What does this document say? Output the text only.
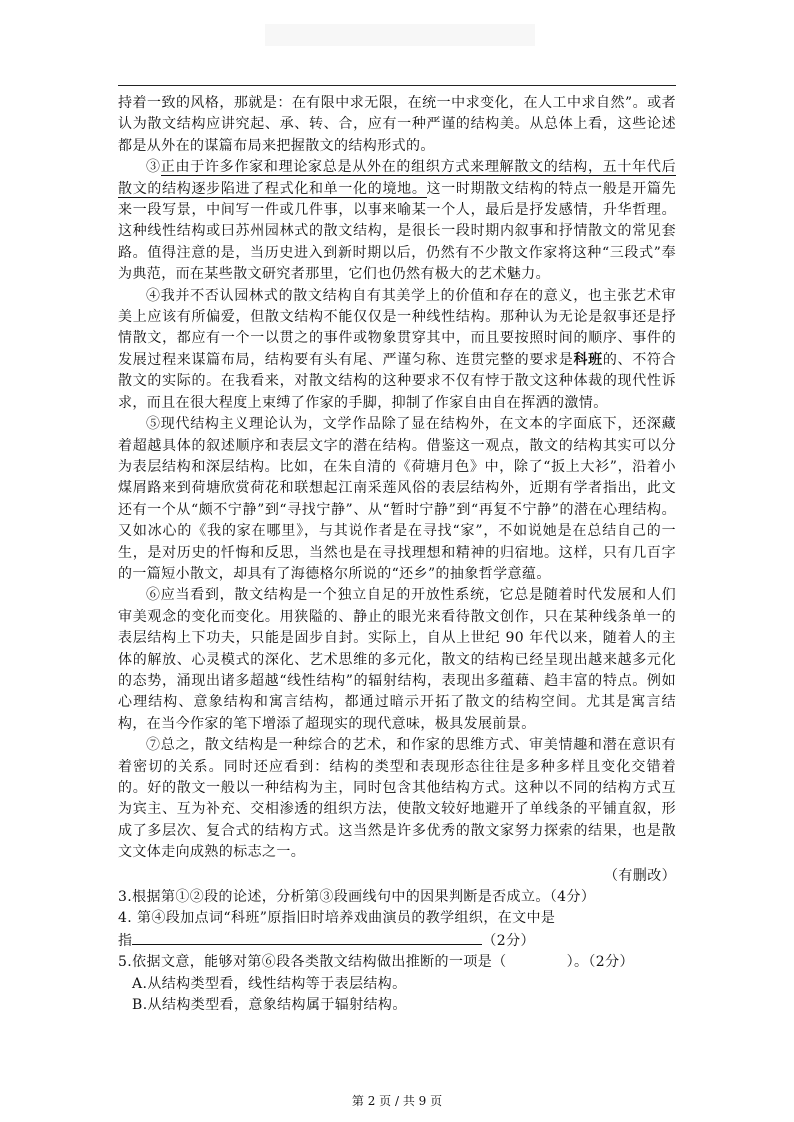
持着一致的风格，那就是：在有限中求无限，在统一中求变化，在人工中求自然”。或者认为散文结构应讲究起、承、转、合，应有一种严谨的结构美。从总体上看，这些论述都是从外在的谋篇布局来把握散文的结构形式的。

③正由于许多作家和理论家总是从外在的组织方式来理解散文的结构，五十年代后散文的结构逐步陷进了程式化和单一化的境地。这一时期散文结构的特点一般是开篇先来一段写景，中间写一件或几件事，以事来喻某一个人，最后是抒发感情，升华哲理。这种线性结构或曰苏州园林式的散文结构，是很长一段时期内叙事和抒情散文的常见套路。值得注意的是，当历史进入到新时期以后，仍然有不少散文作家将这种“三段式”奉为典范，而在某些散文研究者那里，它们也仍然有极大的艺术魅力。

④我并不否认园林式的散文结构自有其美学上的价值和存在的意义，也主张艺术审美上应该有所偏爱，但散文结构不能仅仅是一种线性结构。那种认为无论是叙事还是抒情散文，都应有一个一以贯之的事件或物象贯穿其中，而且要按照时间的顺序、事件的发展过程来谋篇布局，结构要有头有尾、严谨匀称、连贯完整的要求是科班的、不符合散文的实际的。在我看来，对散文结构的这种要求不仅有悖于散文这种体裁的现代性诉求，而且在很大程度上束缚了作家的手脚，抑制了作家自由自在挥洒的激情。

⑤现代结构主义理论认为，文学作品除了显在结构外，在文本的字面底下，还深藏着超越具体的叙述顺序和表层文字的潜在结构。借鉴这一观点，散文的结构其实可以分为表层结构和深层结构。比如，在朱自清的《荷塘月色》中，除了“扳上大衫”，沿着小煤屑路来到荷塘欣赏荷花和联想起江南采莲风俗的表层结构外，近期有学者指出，此文还有一个从“颇不宁静”到“寻找宁静”、从“暂时宁静”到“再复不宁静”的潜在心理结构。又如冰心的《我的家在哪里》，与其说作者是在寻找“家”，不如说她是在总结自己的一生，是对历史的忏悔和反思，当然也是在寻找理想和精神的归宿地。这样，只有几百字的一篇短小散文，却具有了海德格尔所说的“还乡”的抽象哲学意蕴。

⑥应当看到，散文结构是一个独立自足的开放性系统，它总是随着时代发展和人们审美观念的变化而变化。用狭隘的、静止的眼光来看待散文创作，只在某种线条单一的表层结构上下功夫，只能是固步自封。实际上，自从上世纪 90 年代以来，随着人的主体的解放、心灵模式的深化、艺术思维的多元化，散文的结构已经呈现出越来越多元化的态势，涌现出诸多超越“线性结构”的辐射结构，表现出多蕴藉、趋丰富的特点。例如心理结构、意象结构和寓言结构，都通过暗示开拓了散文的结构空间。尤其是寓言结构，在当今作家的笔下增添了超现实的现代意味，极具发展前景。

⑦总之，散文结构是一种综合的艺术，和作家的思维方式、审美情趣和潜在意识有着密切的关系。同时还应看到：结构的类型和表现形态往往是多种多样且变化交错着的。好的散文一般以一种结构为主，同时包含其他结构方式。这种以不同的结构方式互为宾主、互为补充、交相渗透的组织方法，使散文较好地避开了单线条的平铺直叙，形成了多层次、复合式的结构方式。这当然是许多优秀的散文家努力探索的结果，也是散文文体走向成熟的标志之一。

（有删改）

3.根据第①②段的论述，分析第③段画线句中的因果判断是否成立。（4分）

4. 第④段加点词“科班”原指旧时培养戏曲演员的教学组织，在文中是

指	（2分）

5.依据文意，能够对第⑥段各类散文结构做出推断的一项是（	）。（2分）

A.从结构类型看，线性结构等于表层结构。

B.从结构类型看，意象结构属于辐射结构。

第 2 页 / 共 9 页
